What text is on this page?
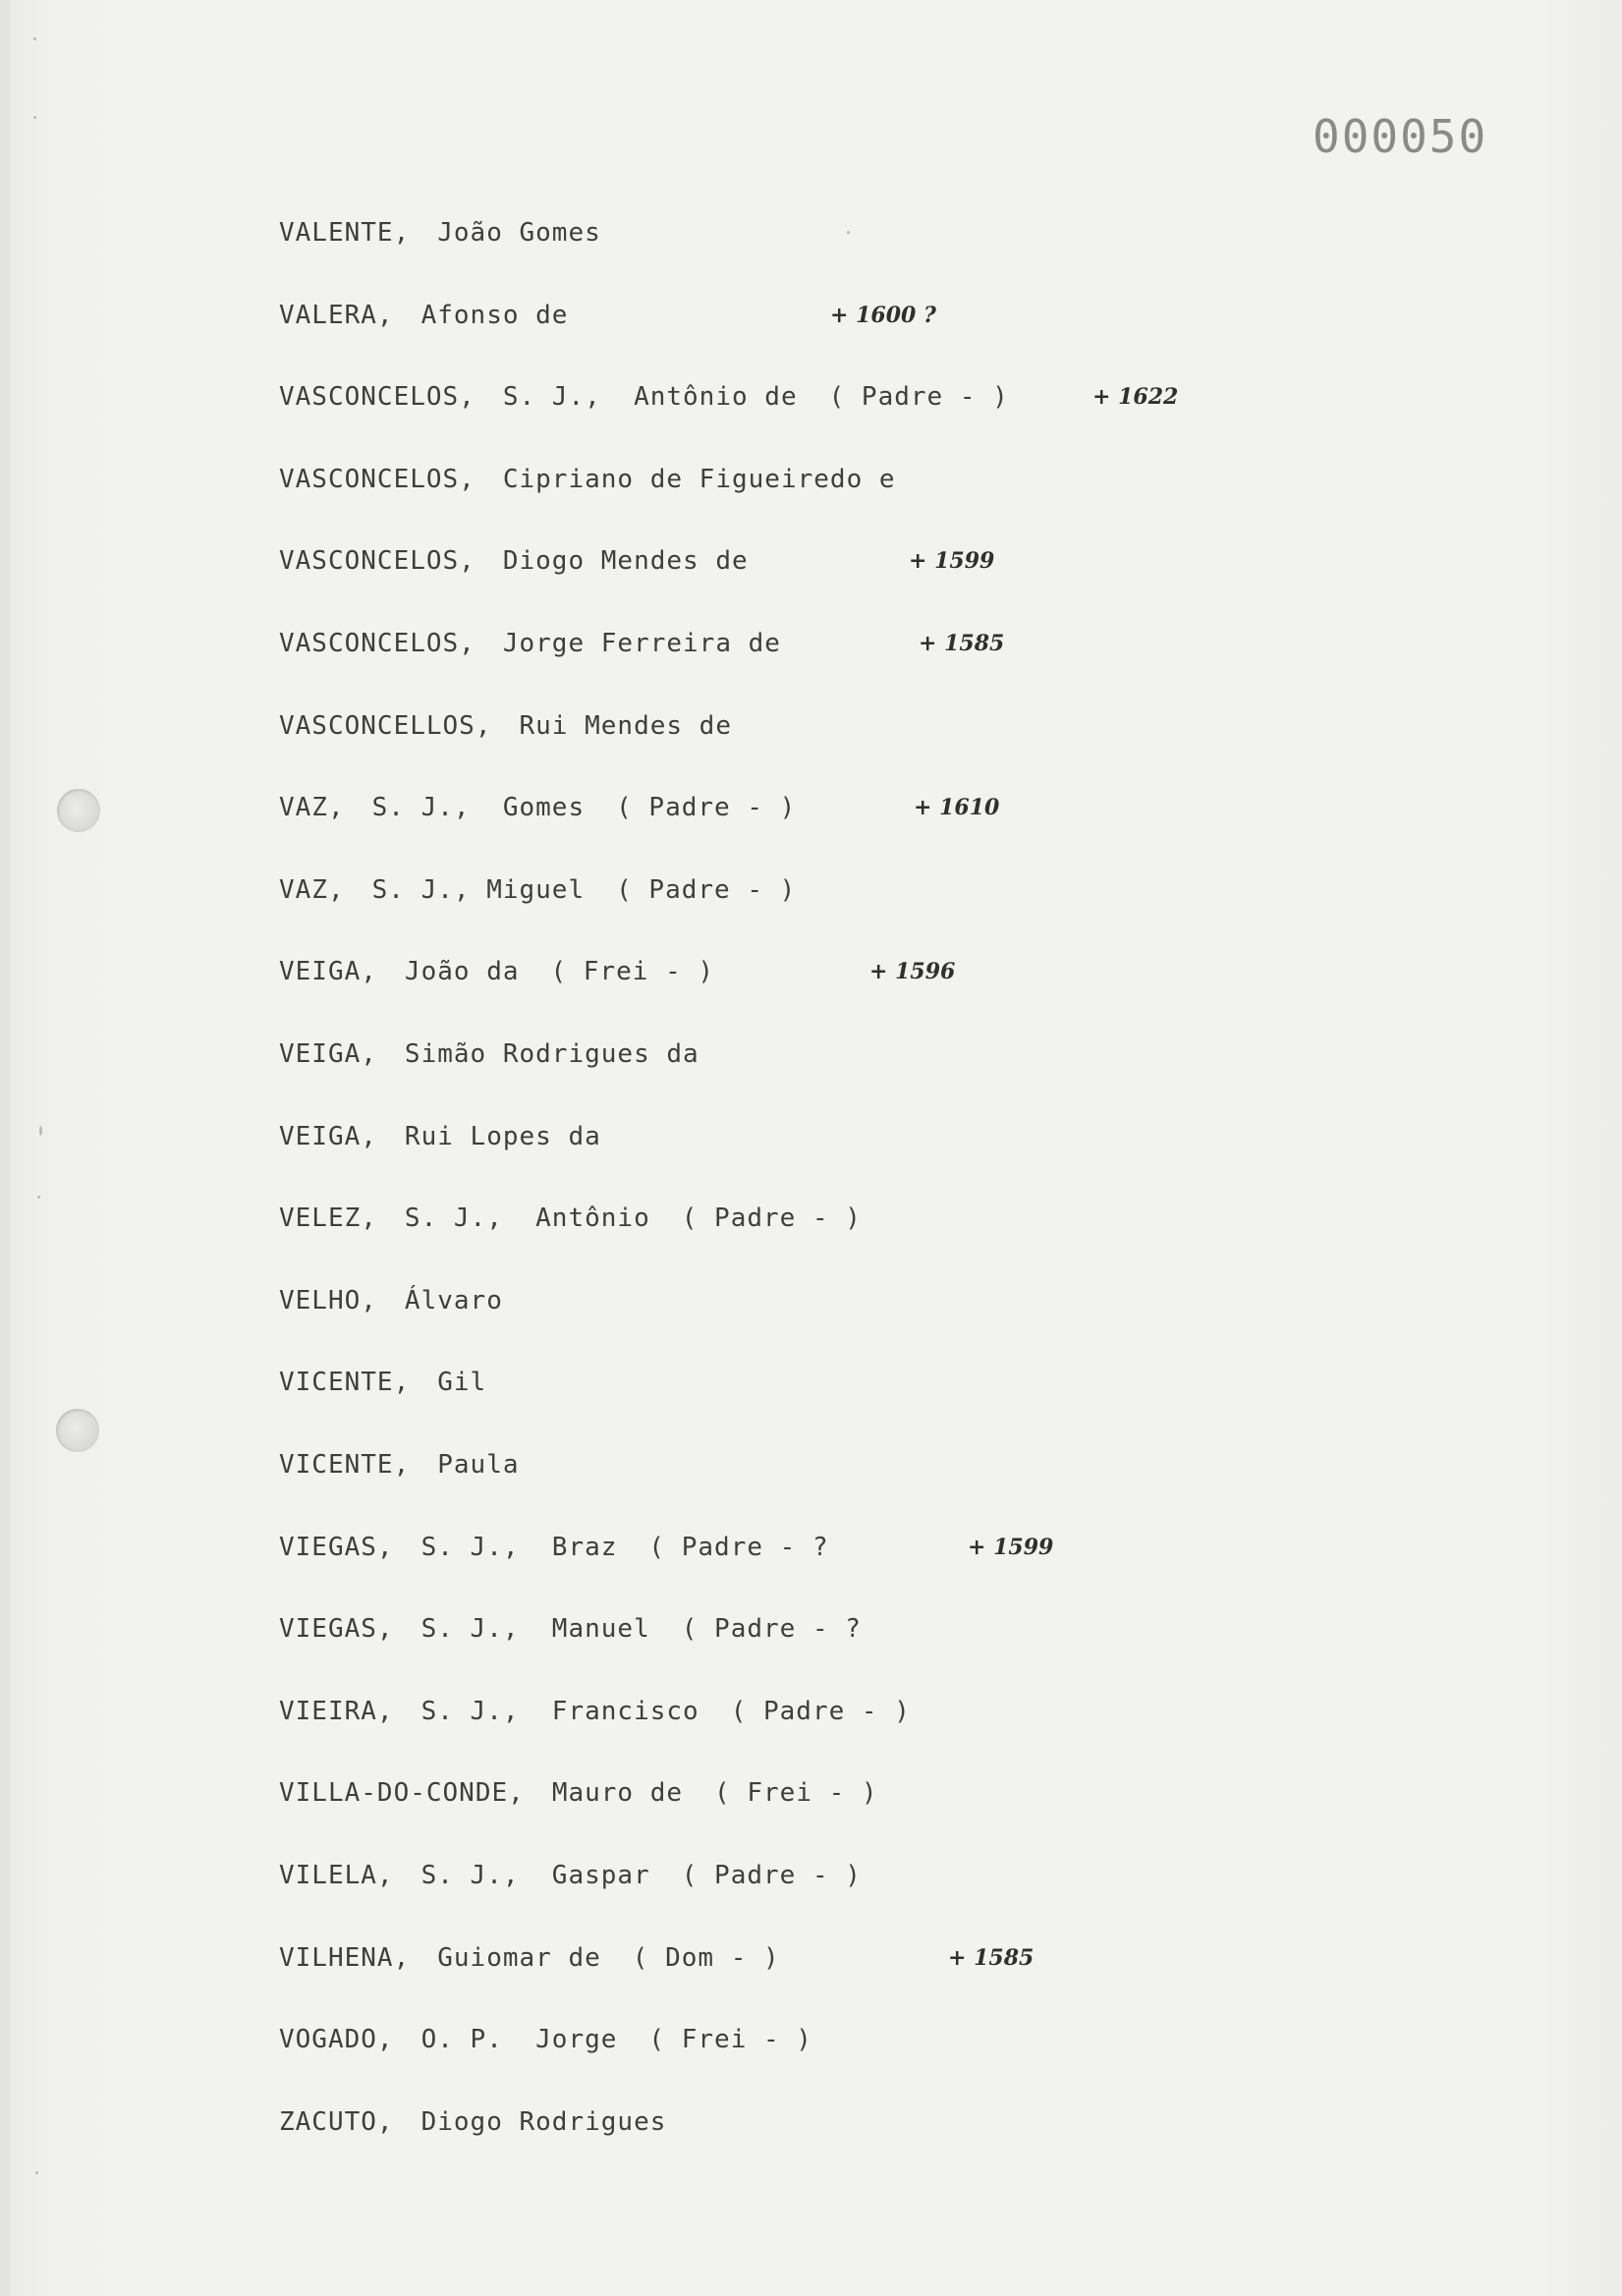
000050
VALENTE, João Gomes
VALERA, Afonso de	+ 1600 ?
VASCONCELOS, S. J.,  Antônio de ( Padre - )	+ 1622
VASCONCELOS, Cipriano de Figueiredo e
VASCONCELOS, Diogo Mendes de	+ 1599
VASCONCELOS, Jorge Ferreira de	+ 1585
VASCONCELLOS, Rui Mendes de
VAZ, S. J.,  Gomes ( Padre - )	+ 1610
VAZ, S. J., Miguel ( Padre - )
VEIGA, João da ( Frei - )	+ 1596
VEIGA, Simão Rodrigues da
VEIGA, Rui Lopes da
VELEZ, S. J.,  Antônio ( Padre - )
VELHO, Álvaro
VICENTE, Gil
VICENTE, Paula
VIEGAS, S. J.,  Braz ( Padre - ?	+ 1599
VIEGAS, S. J.,  Manuel ( Padre - ?
VIEIRA, S. J.,  Francisco ( Padre - )
VILLA-DO-CONDE, Mauro de ( Frei - )
VILELA, S. J.,  Gaspar ( Padre - )
VILHENA, Guiomar de ( Dom - )	+ 1585
VOGADO, O. P.  Jorge ( Frei - )
ZACUTO, Diogo Rodrigues
